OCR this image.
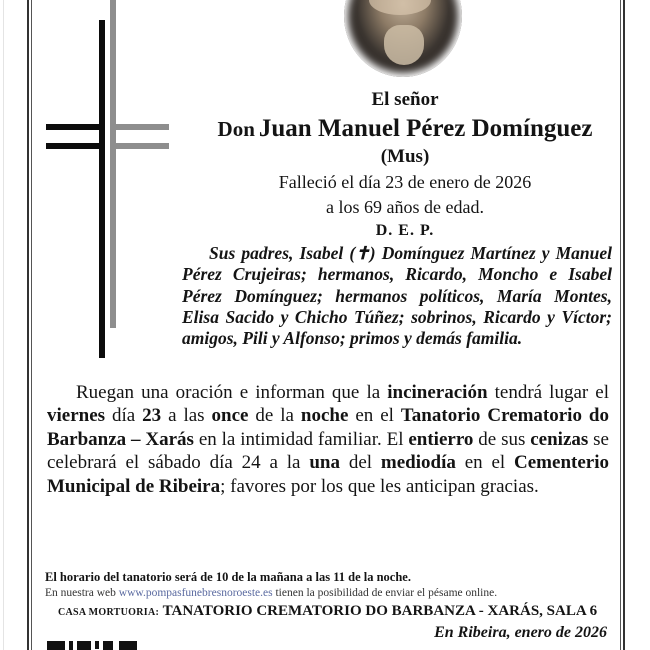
El señor
Don Juan Manuel Pérez Domínguez
(Mus)
Falleció el día 23 de enero de 2026
a los 69 años de edad.
D. E. P.
Sus padres, Isabel (✝) Domínguez Martínez y Manuel Pérez Crujeiras; hermanos, Ricardo, Moncho e Isabel Pérez Domínguez; hermanos políticos, María Montes, Elisa Sacido y Chicho Túñez; sobrinos, Ricardo y Víctor; amigos, Pili y Alfonso; primos y demás familia.
Ruegan una oración e informan que la incineración tendrá lugar el viernes día 23 a las once de la noche en el Tanatorio Crematorio do Barbanza – Xarás en la intimidad familiar. El entierro de sus cenizas se celebrará el sábado día 24 a la una del mediodía en el Cementerio Municipal de Ribeira; favores por los que les anticipan gracias.
El horario del tanatorio será de 10 de la mañana a las 11 de la noche.
En nuestra web www.pompasfunebresnoroeste.es tienen la posibilidad de enviar el pésame online.
CASA MORTUORIA: TANATORIO CREMATORIO DO BARBANZA - XARÁS, SALA 6
En Ribeira, enero de 2026
